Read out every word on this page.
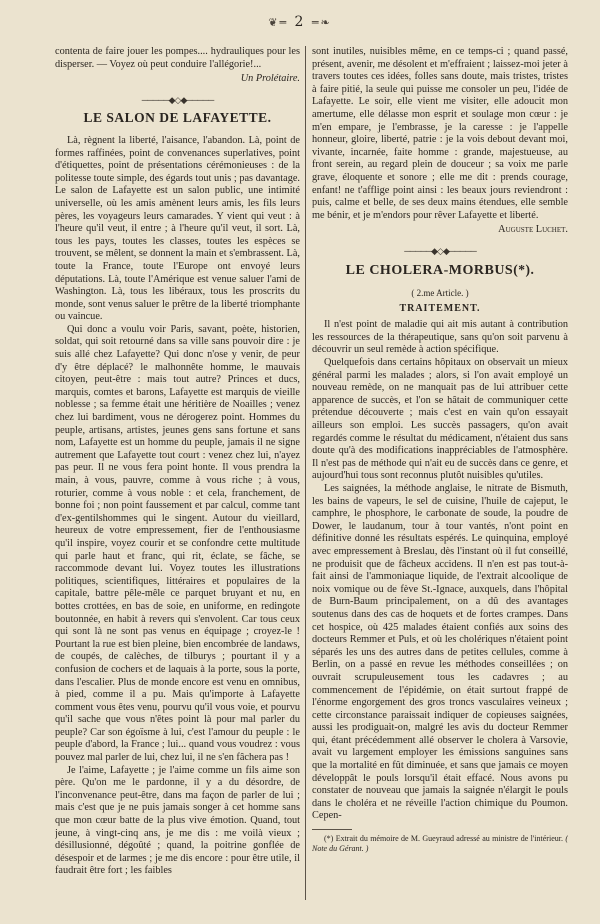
❦︎═ 2 ═❧︎

contenta de faire jouer les pompes.... hydrauliques pour les disperser. — Voyez où peut conduire l'allégorie!...

Un Prolétaire.

─────◆◇◆─────
LE SALON DE LAFAYETTE.

Là, règnent la liberté, l'aisance, l'abandon. Là, point de formes raffinées, point de convenances superlatives, point d'étiquettes, point de présentations cérémonieuses : de la politesse toute simple, des égards tout unis ; pas davantage. Le salon de Lafayette est un salon public, une intimité universelle, où les amis amènent leurs amis, les fils leurs pères, les voyageurs leurs camarades. Y vient qui veut : à l'heure qu'il veut, il entre ; à l'heure qu'il veut, il sort. Là, tous les pays, toutes les classes, toutes les espèces se trouvent, se mêlent, se donnent la main et s'embrassent. Là, toute la France, toute l'Europe ont envoyé leurs députations. Là, toute l'Amérique est venue saluer l'ami de Washington. Là, tous les libéraux, tous les proscrits du monde, sont venus saluer le prêtre de la liberté triomphante ou vaincue.

Qui donc a voulu voir Paris, savant, poète, historien, soldat, qui soit retourné dans sa ville sans pouvoir dire : je suis allé chez Lafayette? Qui donc n'ose y venir, de peur d'y être déplacé? le malhonnête homme, le mauvais citoyen, peut-être : mais tout autre? Princes et ducs, marquis, comtes et barons, Lafayette est marquis de vieille noblesse ; sa femme était une héritière de Noailles ; venez chez lui bardiment, vous ne dérogerez point. Hommes du peuple, artisans, artistes, jeunes gens sans fortune et sans nom, Lafayette est un homme du peuple, jamais il ne signe autrement que Lafayette tout court : venez chez lui, n'ayez pas peur. Il ne vous fera point honte. Il vous prendra la main, à vous, pauvre, comme à vous riche ; à vous, roturier, comme à vous noble : et cela, franchement, de bonne foi ; non point faussement et par calcul, comme tant d'ex-gentilshommes qui le singent. Autour du vieillard, heureux de votre empressement, fier de l'enthousiasme qu'il inspire, voyez courir et se confondre cette multitude qui parle haut et franc, qui rit, éclate, se fâche, se raccommode devant lui. Voyez toutes les illustrations politiques, scientifiques, littéraires et populaires de la capitale, battre pêle-mêle ce parquet bruyant et nu, en bottes crottées, en bas de soie, en uniforme, en redingote boutonnée, en habit à revers qui s'envolent. Car tous ceux qui sont là ne sont pas venus en équipage ; croyez-le ! Pourtant la rue est bien pleine, bien encombrée de landaws, de coupés, de calèches, de tilburys ; pourtant il y a confusion de cochers et de laquais à la porte, sous la porte, dans l'escalier. Plus de monde encore est venu en omnibus, à pied, comme il a pu. Mais qu'importe à Lafayette comment vous êtes venu, pourvu qu'il vous voie, et pourvu qu'il sache que vous n'êtes point là pour mal parler du peuple? Car son égoïsme à lui, c'est l'amour du peuple : le peuple d'abord, la France ; lui... quand vous voudrez : vous pouvez mal parler de lui, chez lui, il ne s'en fâchera pas !

Je l'aime, Lafayette ; je l'aime comme un fils aime son père. Qu'on me le pardonne, il y a du désordre, de l'inconvenance peut-être, dans ma façon de parler de lui ; mais c'est que je ne puis jamais songer à cet homme sans que mon cœur batte de la plus vive émotion. Quand, tout jeune, à vingt-cinq ans, je me dis : me voilà vieux ; désillusionné, dégoûté ; quand, la poitrine gonflée de désespoir et de larmes ; je me dis encore : pour être utile, il faudrait être fort ; les faibles

sont inutiles, nuisibles même, en ce temps-ci ; quand passé, présent, avenir, me désolent et m'effraient ; laissez-moi jeter à travers toutes ces idées, folles sans doute, mais tristes, tristes à faire pitié, la seule qui puisse me consoler un peu, l'idée de Lafayette. Le soir, elle vient me visiter, elle adoucit mon amertume, elle délasse mon esprit et soulage mon cœur : je m'en empare, je l'embrasse, je la caresse : je l'appelle honneur, gloire, liberté, patrie : je la vois debout devant moi, vivante, incarnée, faite homme : grande, majestueuse, au front serein, au regard plein de douceur ; sa voix me parle grave, éloquente et sonore ; elle me dit : prends courage, enfant! ne t'afflige point ainsi : les beaux jours reviendront : puis, calme et belle, de ses deux mains étendues, elle semble me bénir, et je m'endors pour rêver Lafayette et liberté.

Auguste Luchet.

─────◆◇◆─────
LE CHOLERA-MORBUS(*).

( 2.me Article. )

TRAITEMENT.

Il n'est point de maladie qui ait mis autant à contribution les ressources de la thérapeutique, sans qu'on soit parvenu à découvrir un seul remède à action spécifique.

Quelquefois dans certains hôpitaux on observait un mieux général parmi les malades ; alors, si l'on avait employé un nouveau remède, on ne manquait pas de lui attribuer cette apparence de succès, et l'on se hâtait de communiquer cette prétendue découverte ; mais c'est en vain qu'on essayait ailleurs son emploi. Les succès passagers, qu'on avait regardés comme le résultat du médicament, n'étaient dus sans doute qu'à des modifications inappréciables de l'atmosphère. Il n'est pas de méthode qui n'ait eu de succès dans ce genre, et aujourd'hui tous sont reconnus plutôt nuisibles qu'utiles.

Les saignées, la méthode anglaise, le nitrate de Bismuth, les bains de vapeurs, le sel de cuisine, l'huile de cajeput, le camphre, le phosphore, le carbonate de soude, la poudre de Dower, le laudanum, tour à tour vantés, n'ont point en définitive donné les résultats espérés. Le quinquina, employé avec empressement à Breslau, dès l'instant où il fut conseillé, ne produisit que de fâcheux accidens. Il n'en est pas tout-à-fait ainsi de l'ammoniaque liquide, de l'extrait alcoolique de noix vomique ou de fève St.-Ignace, auxquels, dans l'hôpital de Burn-Baum principalement, on a dû des avantages soutenus dans des cas de hoquets et de fortes crampes. Dans cet hospice, où 425 malades étaient confiés aux soins des docteurs Remmer et Puls, et où les cholériques n'étaient point séparés les uns des autres dans de petites cellules, comme à Berlin, on a passé en revue les méthodes conseillées ; on ouvrait scrupuleusement tous les cadavres ; au commencement de l'épidémie, on était surtout frappé de l'énorme engorgement des gros troncs vasculaires veineux ; cette circonstance paraissait indiquer de copieuses saignées, aussi les prodiguait-on, malgré les avis du docteur Remmer qui, étant précédemment allé observer le cholera à Varsovie, avait vu largement employer les émissions sanguines sans que la mortalité en fût diminuée, et sans que jamais ce moyen développât le pouls lorsqu'il était effacé. Nous avons pu constater de nouveau que jamais la saignée n'élargit le pouls dans le choléra et ne réveille l'action chimique du Poumon. Cepen-

(*) Extrait du mémoire de M. Gueyraud adressé au ministre de l'intérieur. ( Note du Gérant. )
